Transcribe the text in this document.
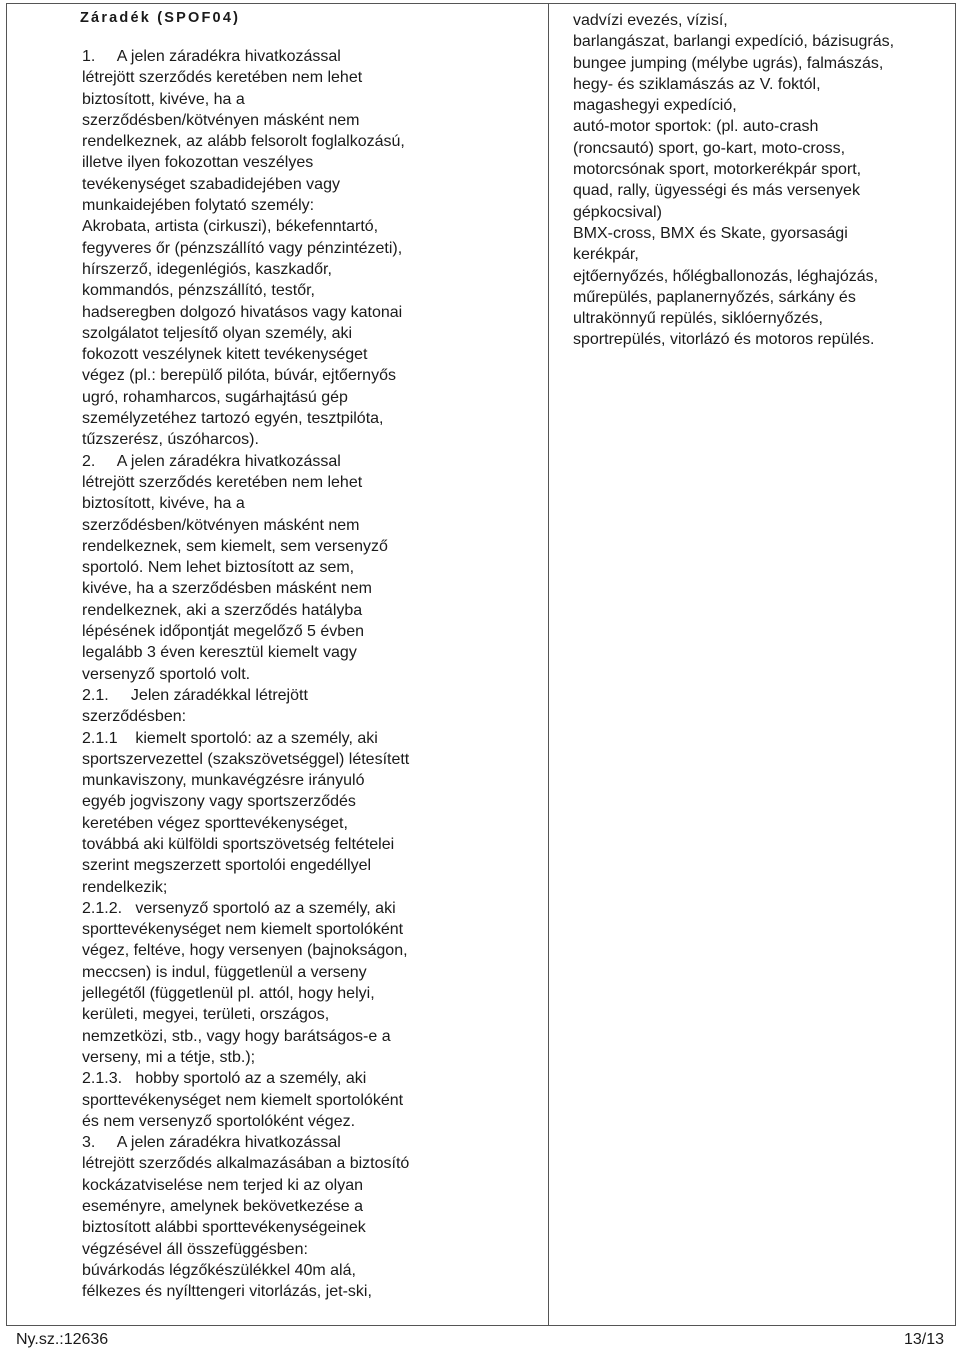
Záradék (SPOF04)
1.     A jelen záradékra hivatkozással
létrejött szerződés keretében nem lehet
biztosított, kivéve, ha a
szerződésben/kötvényen másként nem
rendelkeznek, az alább felsorolt foglalkozású,
illetve ilyen fokozottan veszélyes
tevékenységet szabadidejében vagy
munkaidejében folytató személy:
Akrobata, artista (cirkuszi), békefenntartó,
fegyveres őr (pénzszállító vagy pénzintézeti),
hírszerző, idegenlégiós, kaszkadőr,
kommandós, pénzszállító, testőr,
hadseregben dolgozó hivatásos vagy katonai
szolgálatot teljesítő olyan személy, aki
fokozott veszélynek kitett tevékenységet
végez (pl.: berepülő pilóta, búvár, ejtőernyős
ugró, rohamharcos, sugárhajtású gép
személyzetéhez tartozó egyén, tesztpilóta,
tűzszerész, úszóharcos).
2.     A jelen záradékra hivatkozással
létrejött szerződés keretében nem lehet
biztosított, kivéve, ha a
szerződésben/kötvényen másként nem
rendelkeznek, sem kiemelt, sem versenyző
sportoló. Nem lehet biztosított az sem,
kivéve, ha a szerződésben másként nem
rendelkeznek, aki a szerződés hatályba
lépésének időpontját megelőző 5 évben
legalább 3 éven keresztül kiemelt vagy
versenyző sportoló volt.
2.1.     Jelen záradékkal létrejött
szerződésben:
2.1.1    kiemelt sportoló: az a személy, aki
sportszervezettel (szakszövetséggel) létesített
munkaviszony, munkavégzésre irányuló
egyéb jogviszony vagy sportszerződés
keretében végez sporttevékenységet,
továbbá aki külföldi sportszövetség feltételei
szerint megszerzett sportolói engedéllyel
rendelkezik;
2.1.2.   versenyző sportoló az a személy, aki
sporttevékenységet nem kiemelt sportolóként
végez, feltéve, hogy versenyen (bajnokságon,
meccsen) is indul, függetlenül a verseny
jellegétől (függetlenül pl. attól, hogy helyi,
kerületi, megyei, területi, országos,
nemzetközi, stb., vagy hogy barátságos-e a
verseny, mi a tétje, stb.);
2.1.3.   hobby sportoló az a személy, aki
sporttevékenységet nem kiemelt sportolóként
és nem versenyző sportolóként végez.
3.     A jelen záradékra hivatkozással
létrejött szerződés alkalmazásában a biztosító
kockázatviselése nem terjed ki az olyan
eseményre, amelynek bekövetkezése a
biztosított alábbi sporttevékenységeinek
végzésével áll összefüggésben:
búvárkodás légzőkészülékkel 40m alá,
félkezes és nyílttengeri vitorlázás, jet-ski,
vadvízi evezés, vízisí,
barlangászat, barlangi expedíció, bázisugrás,
bungee jumping (mélybe ugrás), falmászás,
hegy- és sziklamászás az V. foktól,
magashegyi expedíció,
autó-motor sportok: (pl. auto-crash
(roncsautó) sport, go-kart, moto-cross,
motorcsónak sport, motorkerékpár sport,
quad, rally, ügyességi és más versenyek
gépkocsival)
BMX-cross, BMX és Skate, gyorsasági
kerékpár,
ejtőernyőzés, hőlégballonozás, léghajózás,
műrepülés, paplanernyőzés, sárkány és
ultrakönnyű repülés, siklóernyőzés,
sportrepülés, vitorlázó és motoros repülés.
Ny.sz.:12636	13/13
